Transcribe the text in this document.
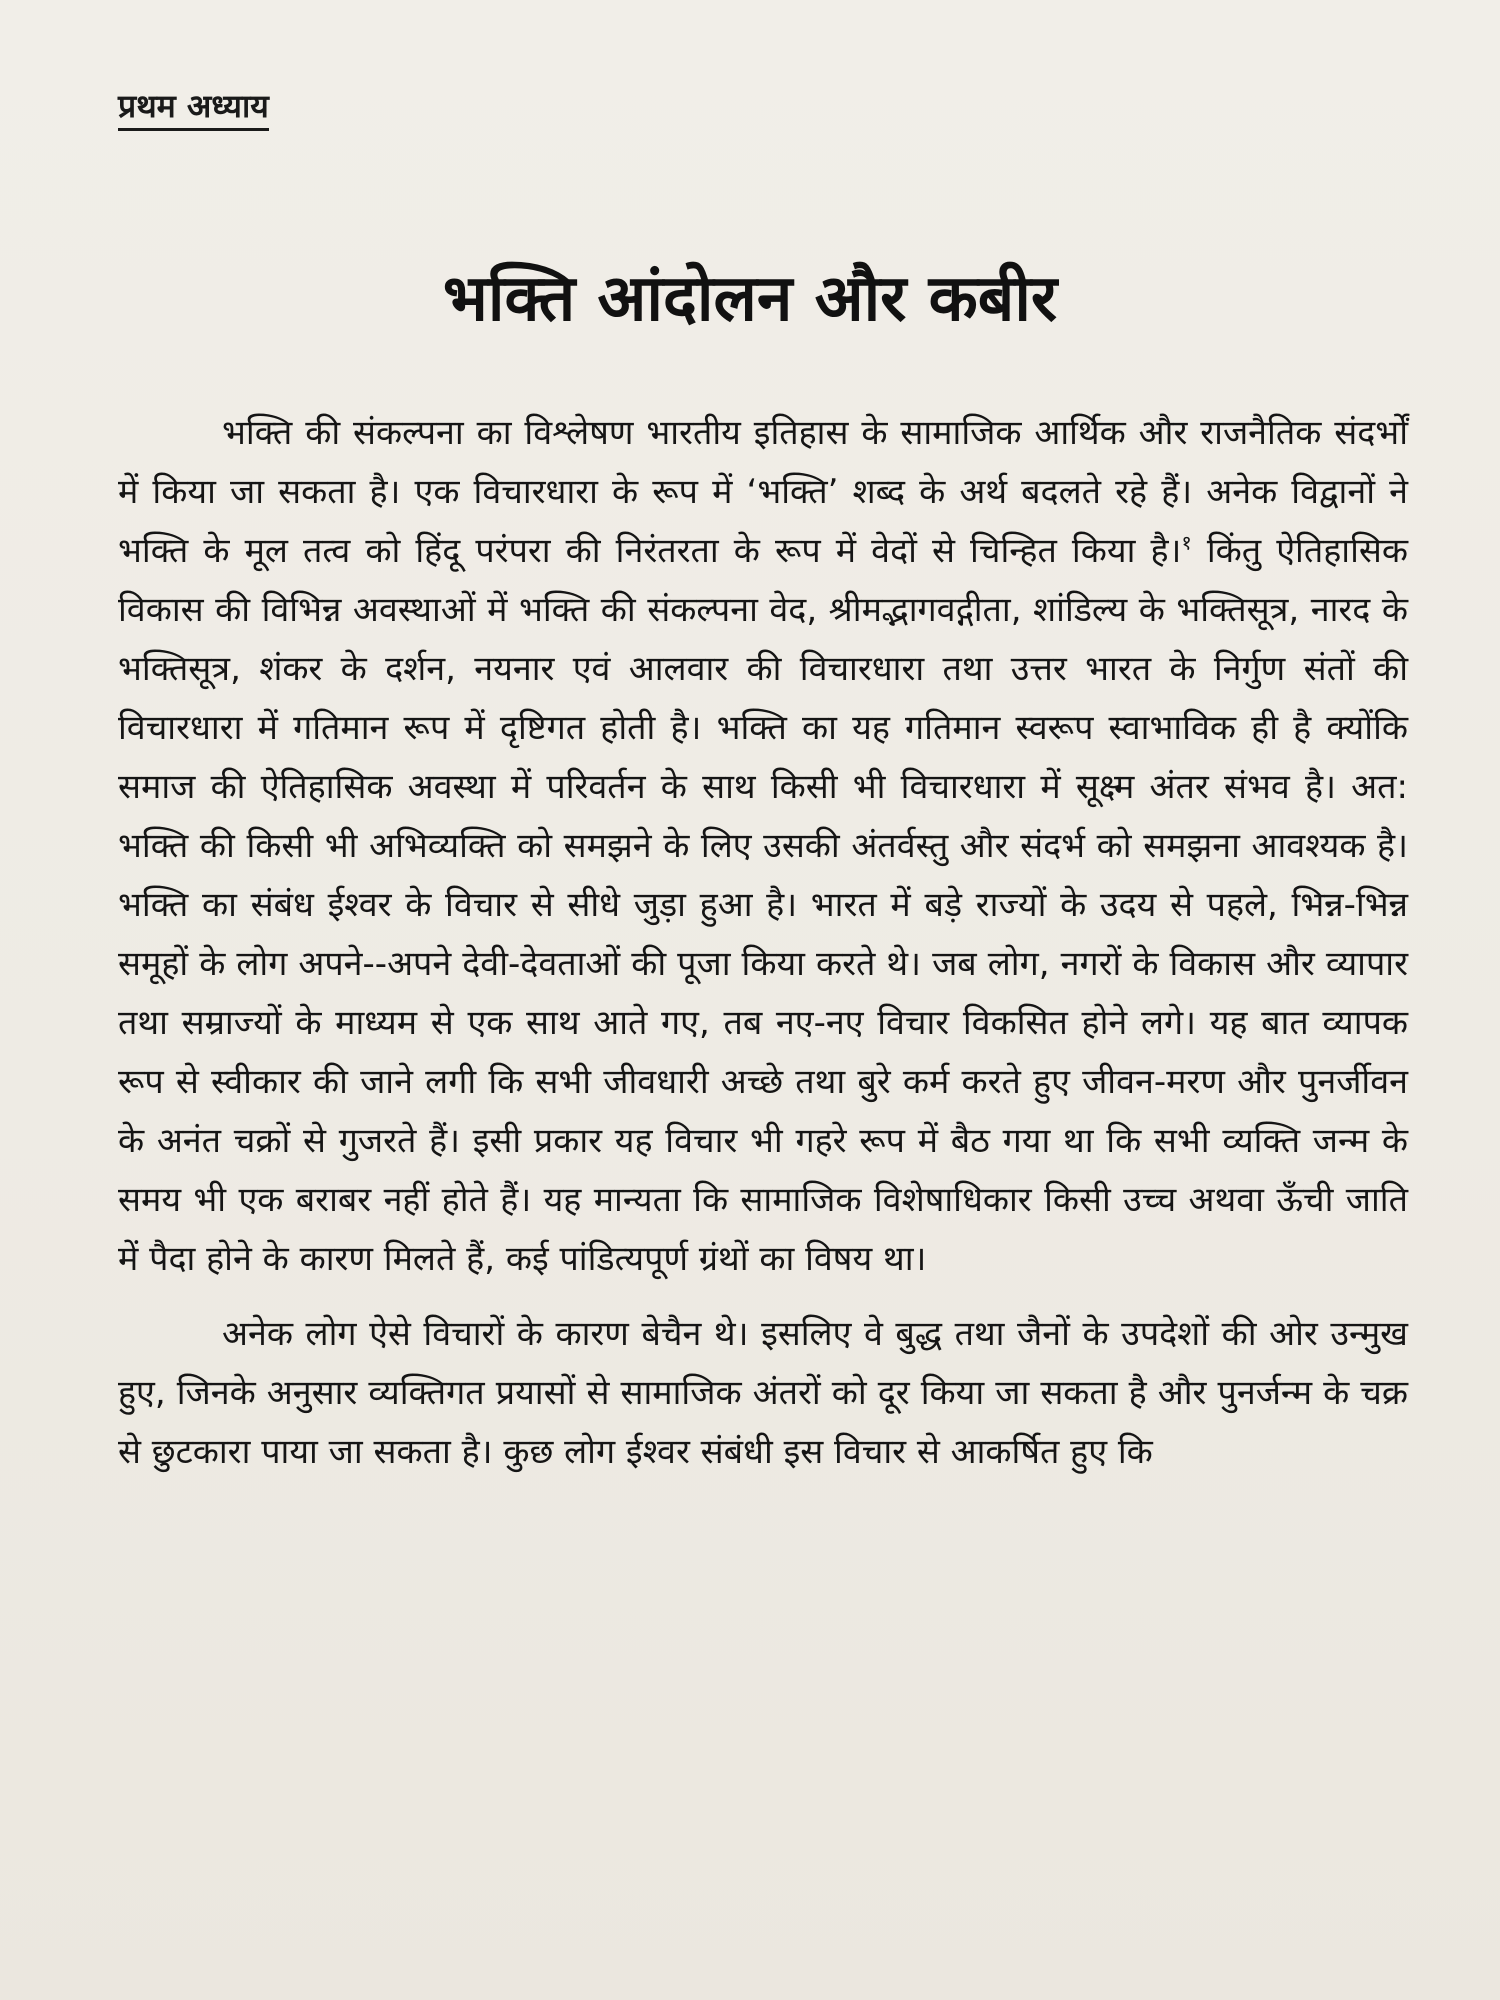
प्रथम अध्याय
भक्ति आंदोलन और कबीर

भक्ति की संकल्पना का विश्लेषण भारतीय इतिहास के सामाजिक आर्थिक और राजनैतिक संदर्भों में किया जा सकता है। एक विचारधारा के रूप में ‘भक्ति’ शब्द के अर्थ बदलते रहे हैं। अनेक विद्वानों ने भक्ति के मूल तत्व को हिंदू परंपरा की निरंतरता के रूप में वेदों से चिन्हित किया है।$^१$ किंतु ऐतिहासिक विकास की विभिन्न अवस्थाओं में भक्ति की संकल्पना वेद, श्रीमद्भागवद्गीता, शांडिल्य के भक्तिसूत्र, नारद के भक्तिसूत्र, शंकर के दर्शन, नयनार एवं आलवार की विचारधारा तथा उत्तर भारत के निर्गुण संतों की विचारधारा में गतिमान रूप में दृष्टिगत होती है। भक्ति का यह गतिमान स्वरूप स्वाभाविक ही है क्योंकि समाज की ऐतिहासिक अवस्था में परिवर्तन के साथ किसी भी विचारधारा में सूक्ष्म अंतर संभव है। अत: भक्ति की किसी भी अभिव्यक्ति को समझने के लिए उसकी अंतर्वस्तु और संदर्भ को समझना आवश्यक है। भक्ति का संबंध ईश्वर के विचार से सीधे जुड़ा हुआ है। भारत में बड़े राज्यों के उदय से पहले, भिन्न-भिन्न समूहों के लोग अपने--अपने देवी-देवताओं की पूजा किया करते थे। जब लोग, नगरों के विकास और व्यापार तथा सम्राज्यों के माध्यम से एक साथ आते गए, तब नए-नए विचार विकसित होने लगे। यह बात व्यापक रूप से स्वीकार की जाने लगी कि सभी जीवधारी अच्छे तथा बुरे कर्म करते हुए जीवन-मरण और पुनर्जीवन के अनंत चक्रों से गुजरते हैं। इसी प्रकार यह विचार भी गहरे रूप में बैठ गया था कि सभी व्यक्ति जन्म के समय भी एक बराबर नहीं होते हैं। यह मान्यता कि सामाजिक विशेषाधिकार किसी उच्च अथवा ऊँची जाति में पैदा होने के कारण मिलते हैं, कई पांडित्यपूर्ण ग्रंथों का विषय था।

अनेक लोग ऐसे विचारों के कारण बेचैन थे। इसलिए वे बुद्ध तथा जैनों के उपदेशों की ओर उन्मुख हुए, जिनके अनुसार व्यक्तिगत प्रयासों से सामाजिक अंतरों को दूर किया जा सकता है और पुनर्जन्म के चक्र से छुटकारा पाया जा सकता है। कुछ लोग ईश्वर संबंधी इस विचार से आकर्षित हुए कि
